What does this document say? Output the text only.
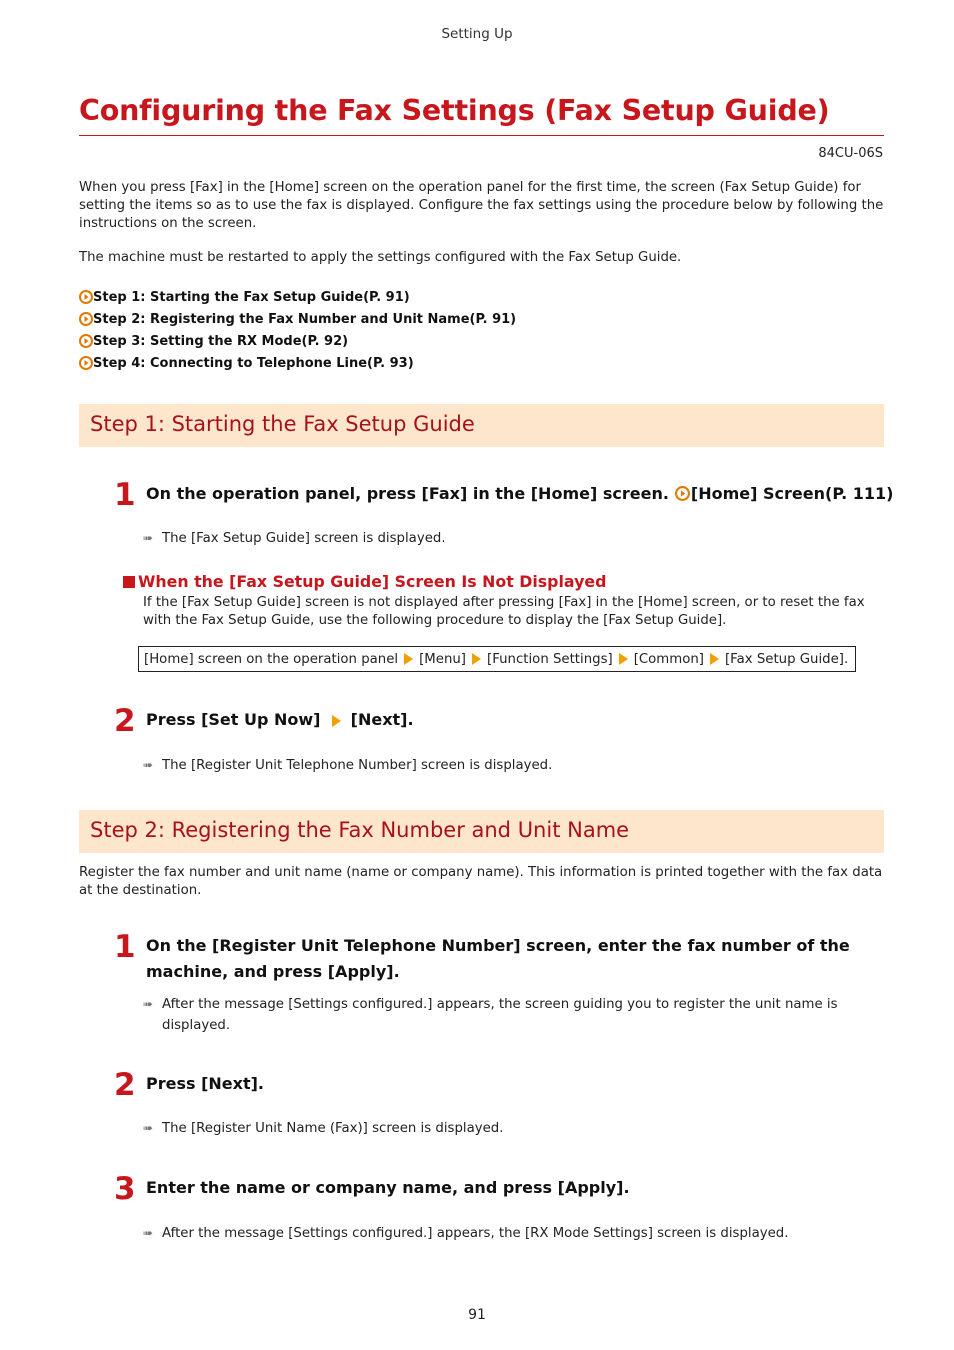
Setting Up
Configuring the Fax Settings (Fax Setup Guide)
84CU-06S
When you press [Fax] in the [Home] screen on the operation panel for the first time, the screen (Fax Setup Guide) for setting the items so as to use the fax is displayed. Configure the fax settings using the procedure below by following the instructions on the screen.
The machine must be restarted to apply the settings configured with the Fax Setup Guide.
Step 1: Starting the Fax Setup Guide(P. 91)
Step 2: Registering the Fax Number and Unit Name(P. 91)
Step 3: Setting the RX Mode(P. 92)
Step 4: Connecting to Telephone Line(P. 93)
Step 1: Starting the Fax Setup Guide
1 On the operation panel, press [Fax] in the [Home] screen. [Home] Screen(P. 111)
➠ The [Fax Setup Guide] screen is displayed.
When the [Fax Setup Guide] Screen Is Not Displayed
If the [Fax Setup Guide] screen is not displayed after pressing [Fax] in the [Home] screen, or to reset the fax with the Fax Setup Guide, use the following procedure to display the [Fax Setup Guide].
[Home] screen on the operation panel [Menu] [Function Settings] [Common] [Fax Setup Guide].
2 Press [Set Up Now] [Next].
➠ The [Register Unit Telephone Number] screen is displayed.
Step 2: Registering the Fax Number and Unit Name
Register the fax number and unit name (name or company name). This information is printed together with the fax data at the destination.
1 On the [Register Unit Telephone Number] screen, enter the fax number of the
machine, and press [Apply].
➠ After the message [Settings configured.] appears, the screen guiding you to register the unit name is
displayed.
2 Press [Next].
➠ The [Register Unit Name (Fax)] screen is displayed.
3 Enter the name or company name, and press [Apply].
➠ After the message [Settings configured.] appears, the [RX Mode Settings] screen is displayed.
91
